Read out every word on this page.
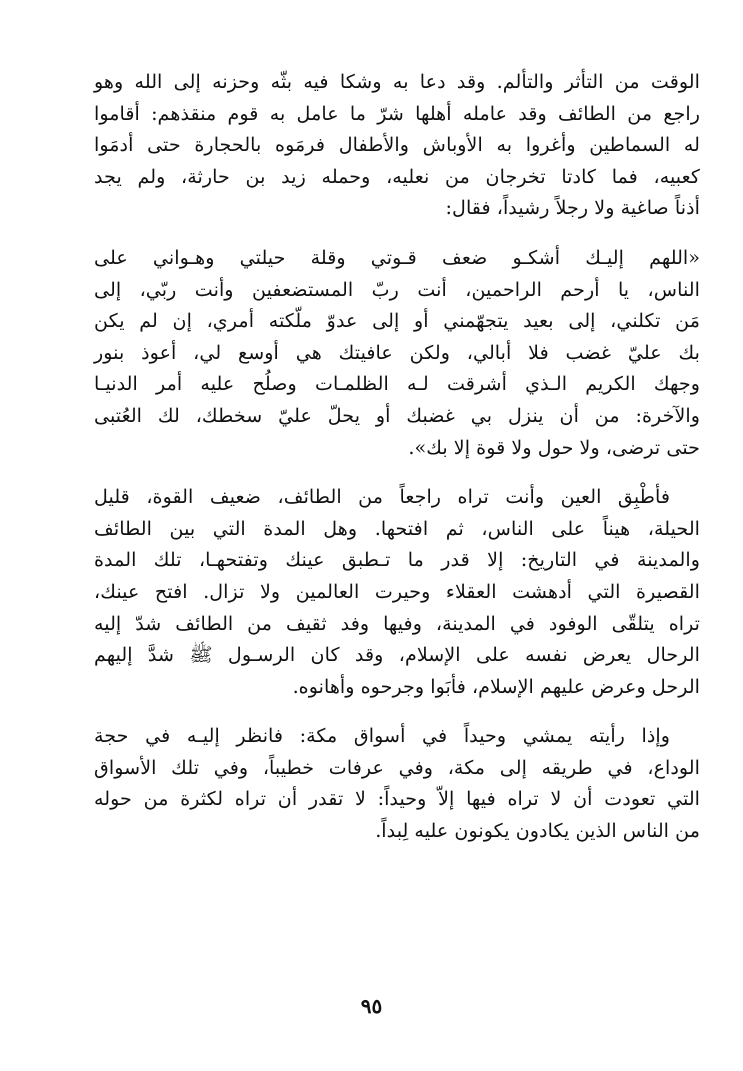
الوقت من التأثر والتألم. وقد دعا به وشكا فيه بثّه وحزنه إلى الله وهو
راجع من الطائف وقد عامله أهلها شرّ ما عامل به قوم منقذهم: أقاموا
له السماطين وأغروا به الأوباش والأطفال فرمَوه بالحجارة حتى أدمَوا
كعبيه، فما كادتا تخرجان من نعليه، وحمله زيد بن حارثة، ولم يجد
أذناً صاغية ولا رجلاً رشيداً، فقال:

«اللهم إليـك أشكـو ضعف قـوتي وقلة حيلتي وهـواني على
الناس، يا أرحم الراحمين، أنت ربّ المستضعفين وأنت ربّي، إلى
مَن تكلني، إلى بعيد يتجهّمني أو إلى عدوّ ملّكته أمري، إن لم يكن
بك عليّ غضب فلا أبالي، ولكن عافيتك هي أوسع لي، أعوذ بنور
وجهك الكريم الـذي أشرقت لـه الظلمـات وصلُح عليه أمر الدنيـا
والآخرة: من أن ينزل بي غضبك أو يحلّ عليّ سخطك، لك العُتبى
حتى ترضى، ولا حول ولا قوة إلا بك».

فأطْبِق العين وأنت تراه راجعاً من الطائف، ضعيف القوة، قليل
الحيلة، هيناً على الناس، ثم افتحها. وهل المدة التي بين الطائف
والمدينة في التاريخ: إلا قدر ما تـطبق عينك وتفتحهـا، تلك المدة
القصيرة التي أدهشت العقلاء وحيرت العالمين ولا تزال. افتح عينك،
تراه يتلقّى الوفود في المدينة، وفيها وفد ثقيف من الطائف شدّ إليه
الرحال يعرض نفسه على الإسلام، وقد كان الرسـول ﷺ شدَّ إليهم
الرحل وعرض عليهم الإسلام، فأبَوا وجرحوه وأهانوه.

وإذا رأيته يمشي وحيداً في أسواق مكة: فانظر إليـه في حجة
الوداع، في طريقه إلى مكة، وفي عرفات خطيباً، وفي تلك الأسواق
التي تعودت أن لا تراه فيها إلاّ وحيداً: لا تقدر أن تراه لكثرة من حوله
من الناس الذين يكادون يكونون عليه لِبداً.

٩٥
